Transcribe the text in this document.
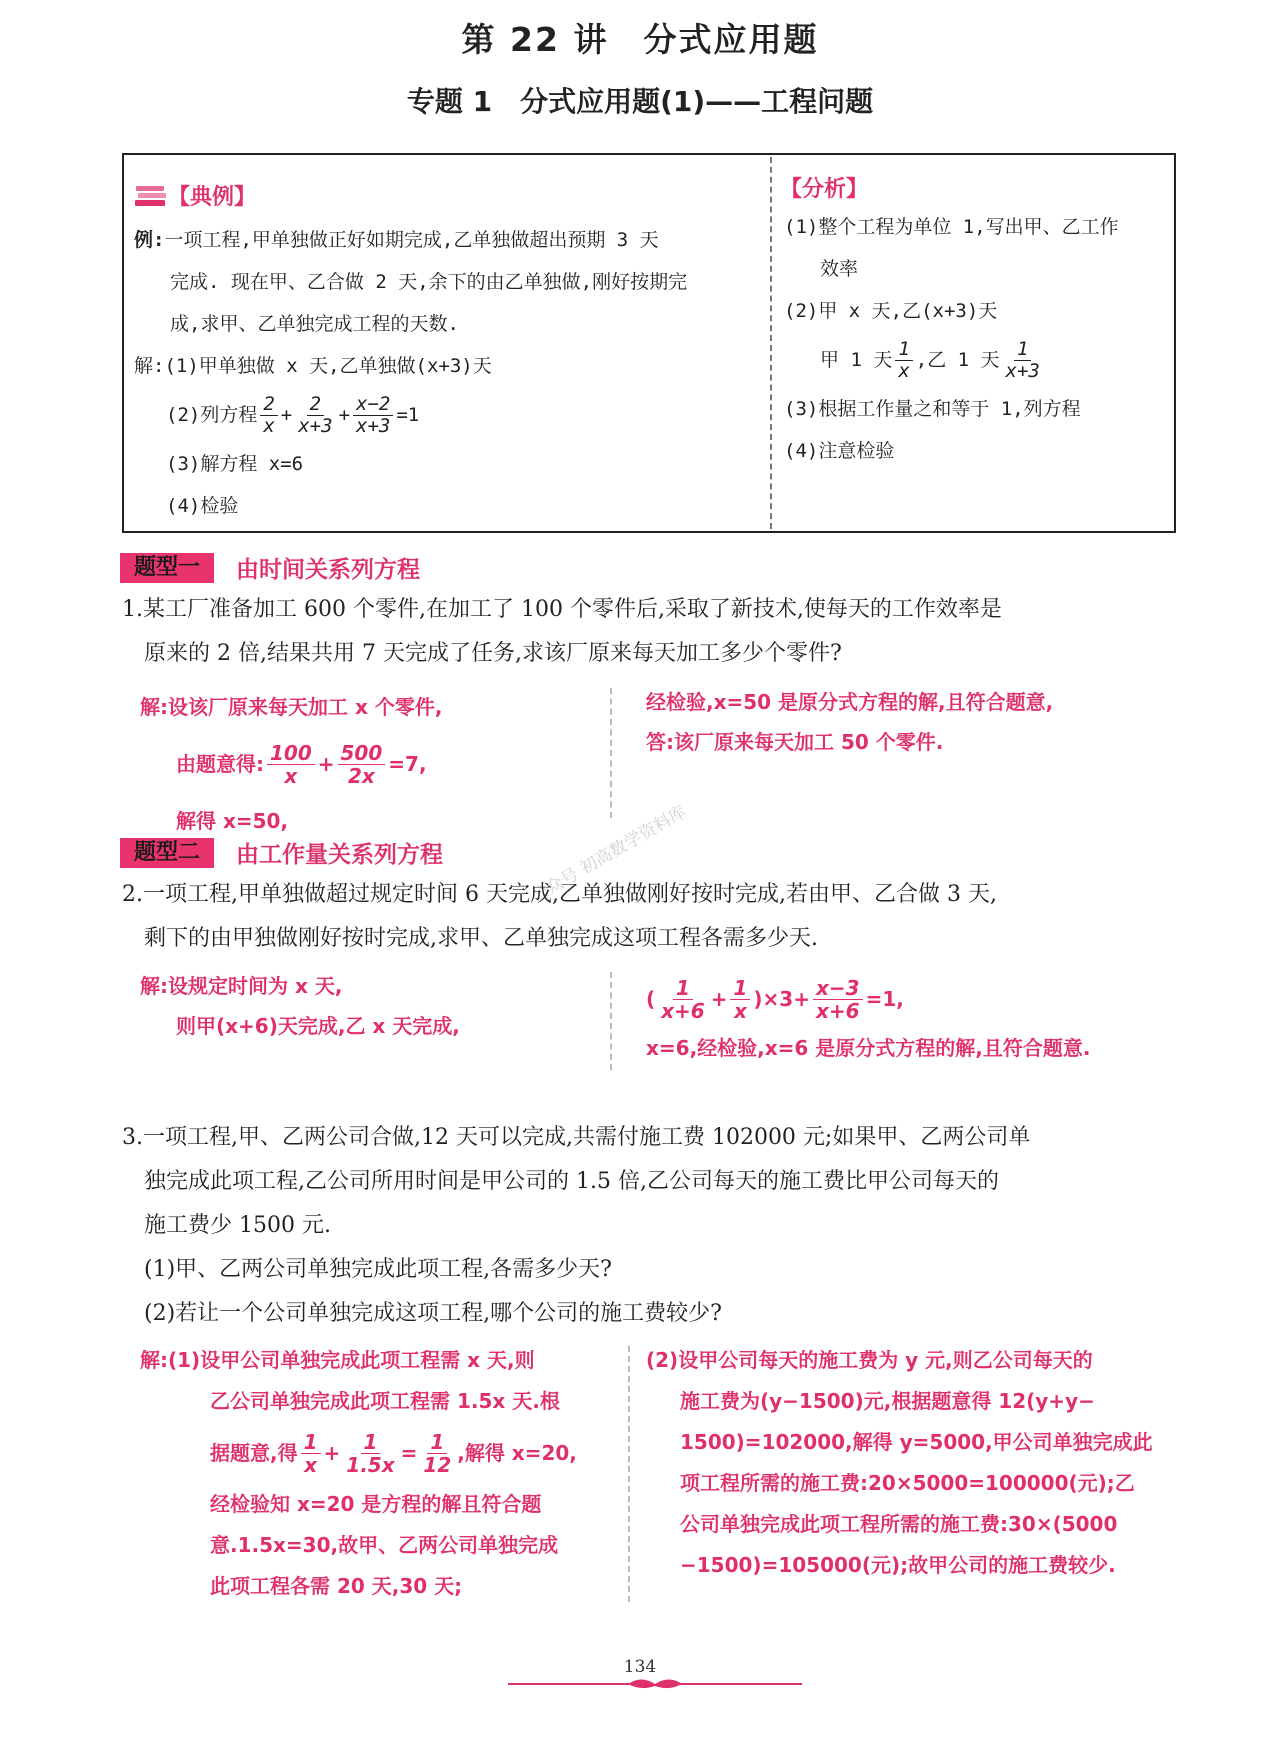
第 22 讲　分式应用题
专题 1　分式应用题(1)——工程问题
【典例】
例:一项工程,甲单独做正好如期完成,乙单独做超出预期 3 天
完成. 现在甲、乙合做 2 天,余下的由乙单独做,刚好按期完
成,求甲、乙单独完成工程的天数.
解:(1)甲单独做 x 天,乙单独做(x+3)天
(2)列方程 $\frac{2}{x} + \frac{2}{x+3} + \frac{x-2}{x+3} =1$
(3)解方程 x=6
(4)检验
【分析】
(1)整个工程为单位 1,写出甲、乙工作
效率
(2)甲 x 天,乙(x+3)天
甲 1 天 $\frac{1}{x}$ ,乙 1 天 $\frac{1}{x+3}$
(3)根据工作量之和等于 1,列方程
(4)注意检验
题型一	由时间关系列方程
1.某工厂准备加工 600 个零件,在加工了 100 个零件后,采取了新技术,使每天的工作效率是
原来的 2 倍,结果共用 7 天完成了任务,求该厂原来每天加工多少个零件?
解:设该厂原来每天加工 x 个零件,
由题意得: $\frac{100}{x} + \frac{500}{2x} =7$,
解得 x=50,
经检验,x=50 是原分式方程的解,且符合题意,
答:该厂原来每天加工 50 个零件.
公众号 初高数学资料库
题型二	由工作量关系列方程
2.一项工程,甲单独做超过规定时间 6 天完成,乙单独做刚好按时完成,若由甲、乙合做 3 天,
剩下的由甲独做刚好按时完成,求甲、乙单独完成这项工程各需多少天.
解:设规定时间为 x 天,
则甲(x+6)天完成,乙 x 天完成,
( $\frac{1}{x+6} + \frac{1}{x} )\times 3+ \frac{x-3}{x+6} =1$,
x=6,经检验,x=6 是原分式方程的解,且符合题意.
3.一项工程,甲、乙两公司合做,12 天可以完成,共需付施工费 102000 元;如果甲、乙两公司单
独完成此项工程,乙公司所用时间是甲公司的 1.5 倍,乙公司每天的施工费比甲公司每天的
施工费少 1500 元.
(1)甲、乙两公司单独完成此项工程,各需多少天?
(2)若让一个公司单独完成这项工程,哪个公司的施工费较少?
解:(1)设甲公司单独完成此项工程需 x 天,则
乙公司单独完成此项工程需 1.5x 天.根
据题意,得 $\frac{1}{x} + \frac{1}{1.5x} = \frac{1}{12}$ ,解得 x=20,
经检验知 x=20 是方程的解且符合题
意.1.5x=30,故甲、乙两公司单独完成
此项工程各需 20 天,30 天;
(2)设甲公司每天的施工费为 y 元,则乙公司每天的
施工费为(y−1500)元,根据题意得 12(y+y−
1500)=102000,解得 y=5000,甲公司单独完成此
项工程所需的施工费:20×5000=100000(元);乙
公司单独完成此项工程所需的施工费:30×(5000
−1500)=105000(元);故甲公司的施工费较少.
134
